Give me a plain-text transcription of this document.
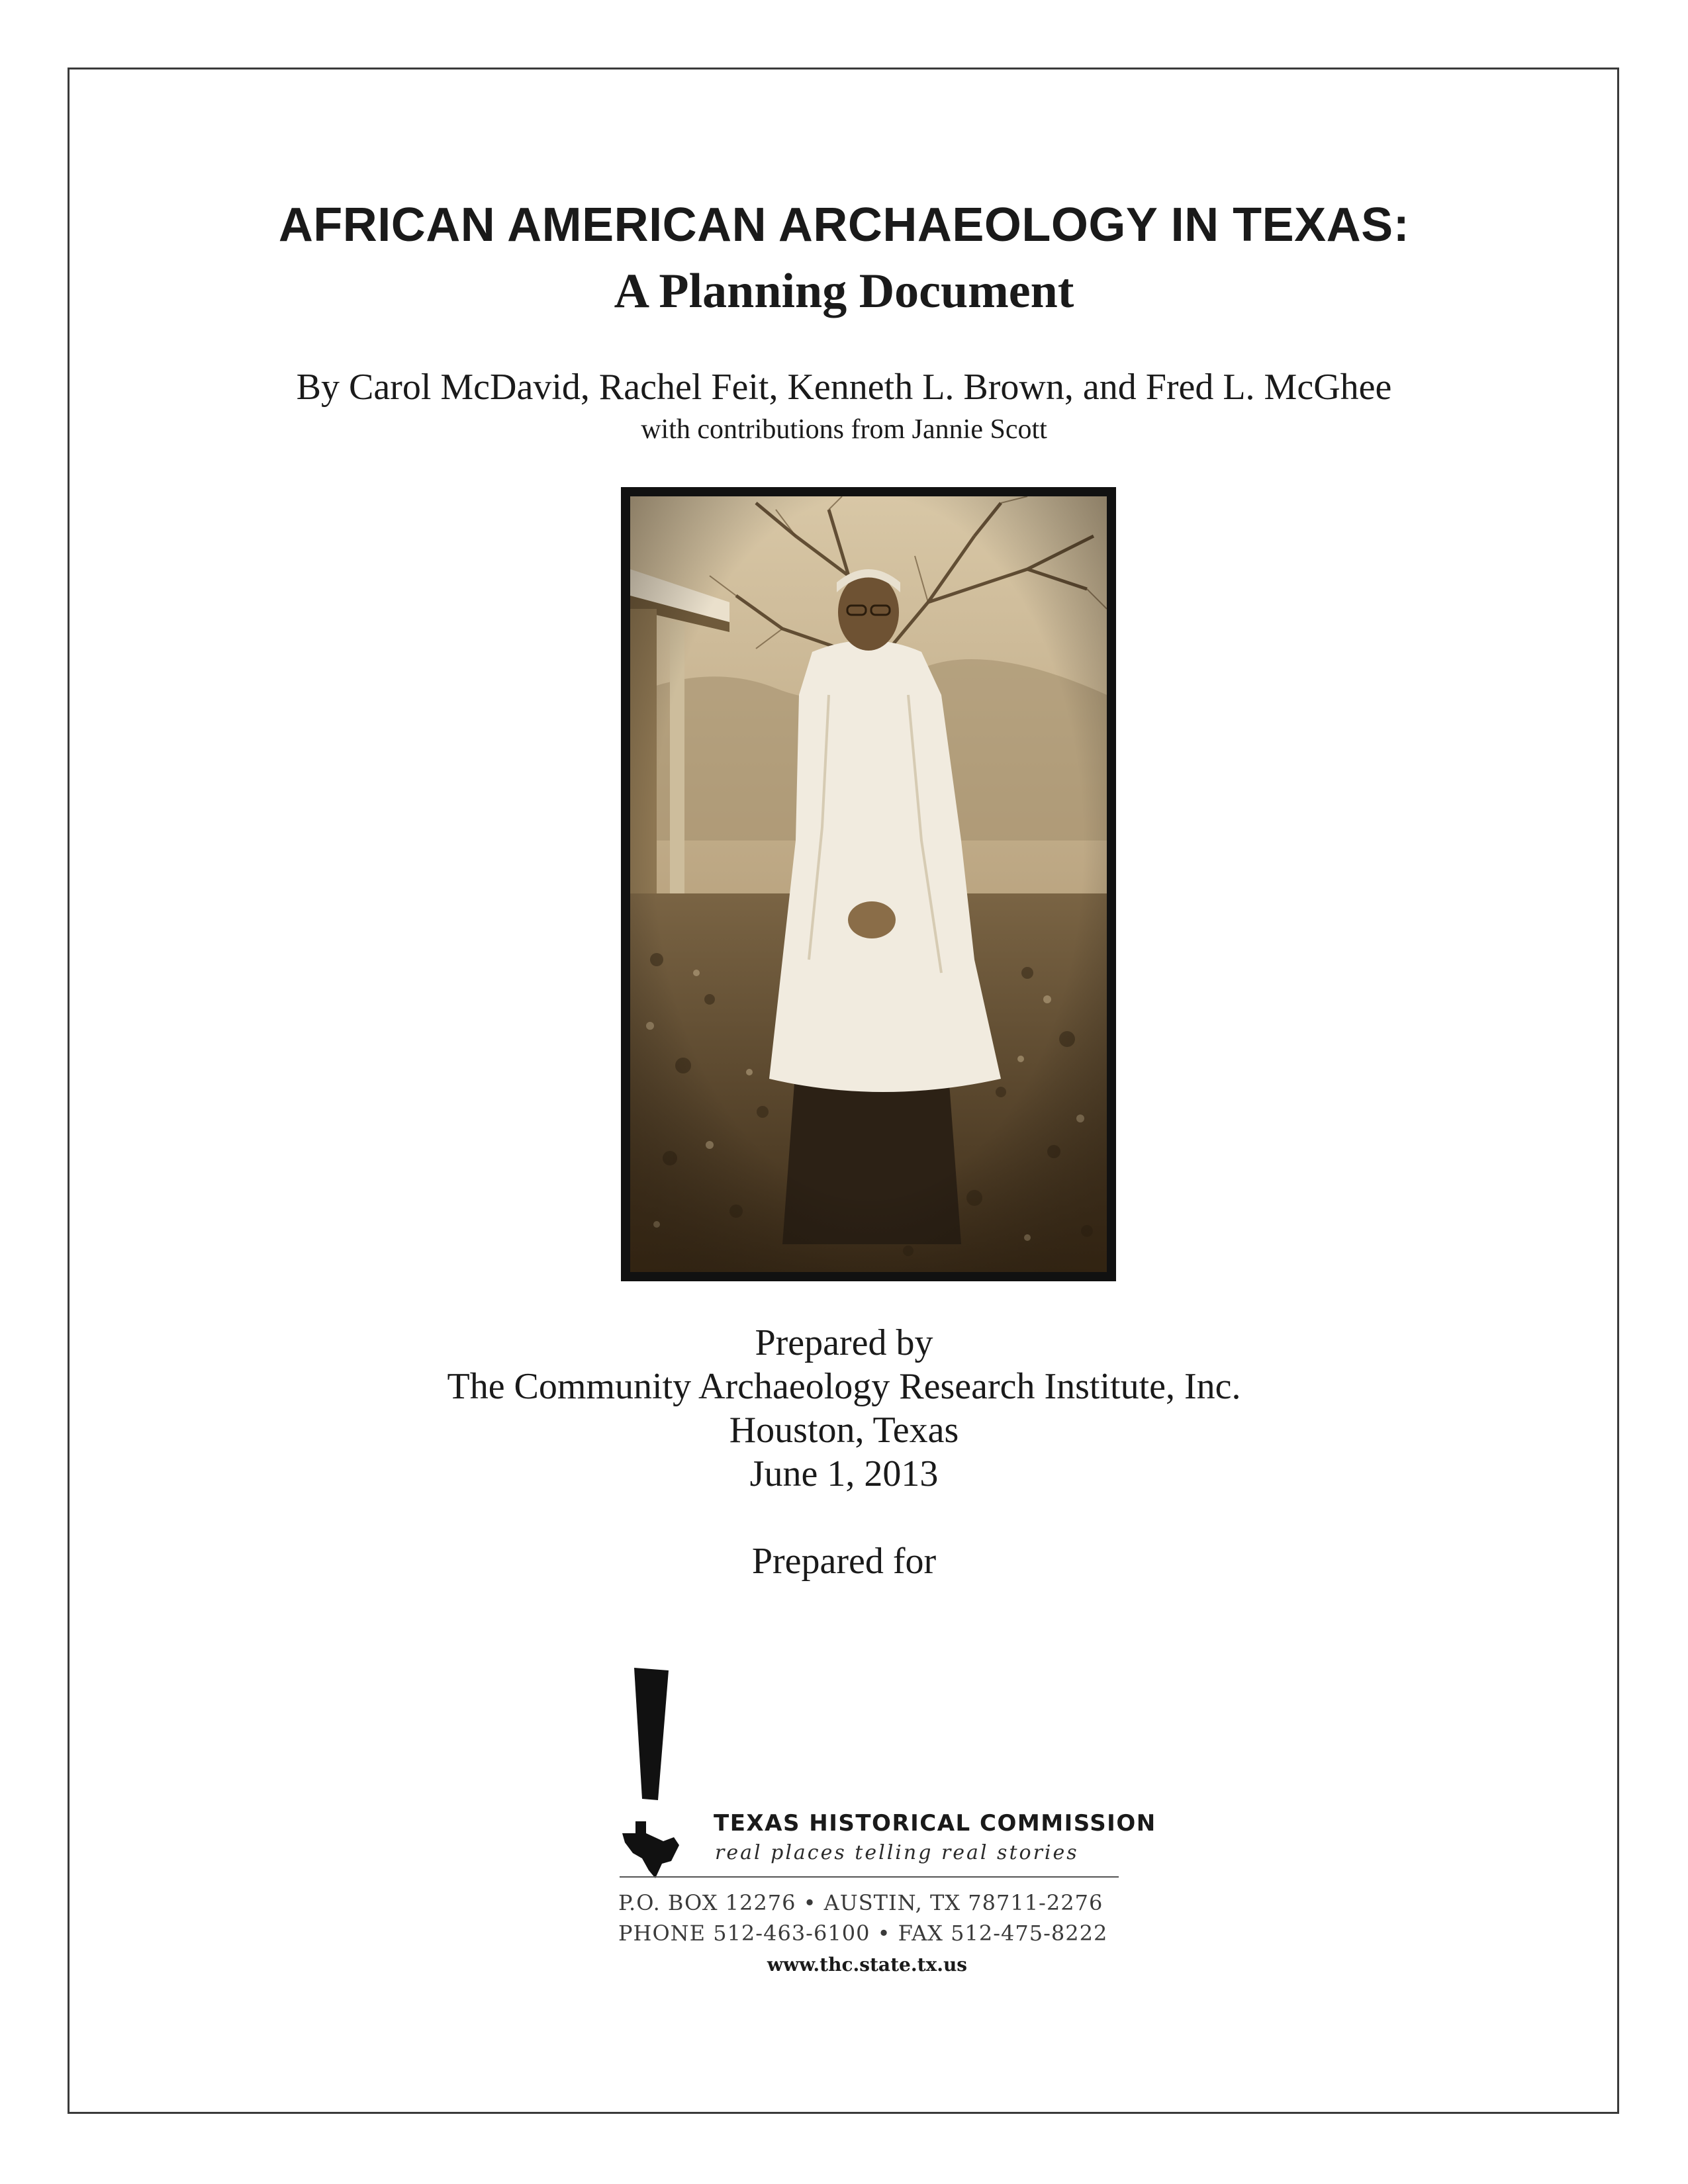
AFRICAN AMERICAN ARCHAEOLOGY IN TEXAS:
A Planning Document
By Carol McDavid, Rachel Feit, Kenneth L. Brown, and Fred L. McGhee
with contributions from Jannie Scott
Prepared by
The Community Archaeology Research Institute, Inc.
Houston, Texas
June 1, 2013
Prepared for
TEXAS HISTORICAL COMMISSION
real places telling real stories
P.O. BOX 12276 • AUSTIN, TX 78711-2276
PHONE 512-463-6100 • FAX 512-475-8222
www.thc.state.tx.us
